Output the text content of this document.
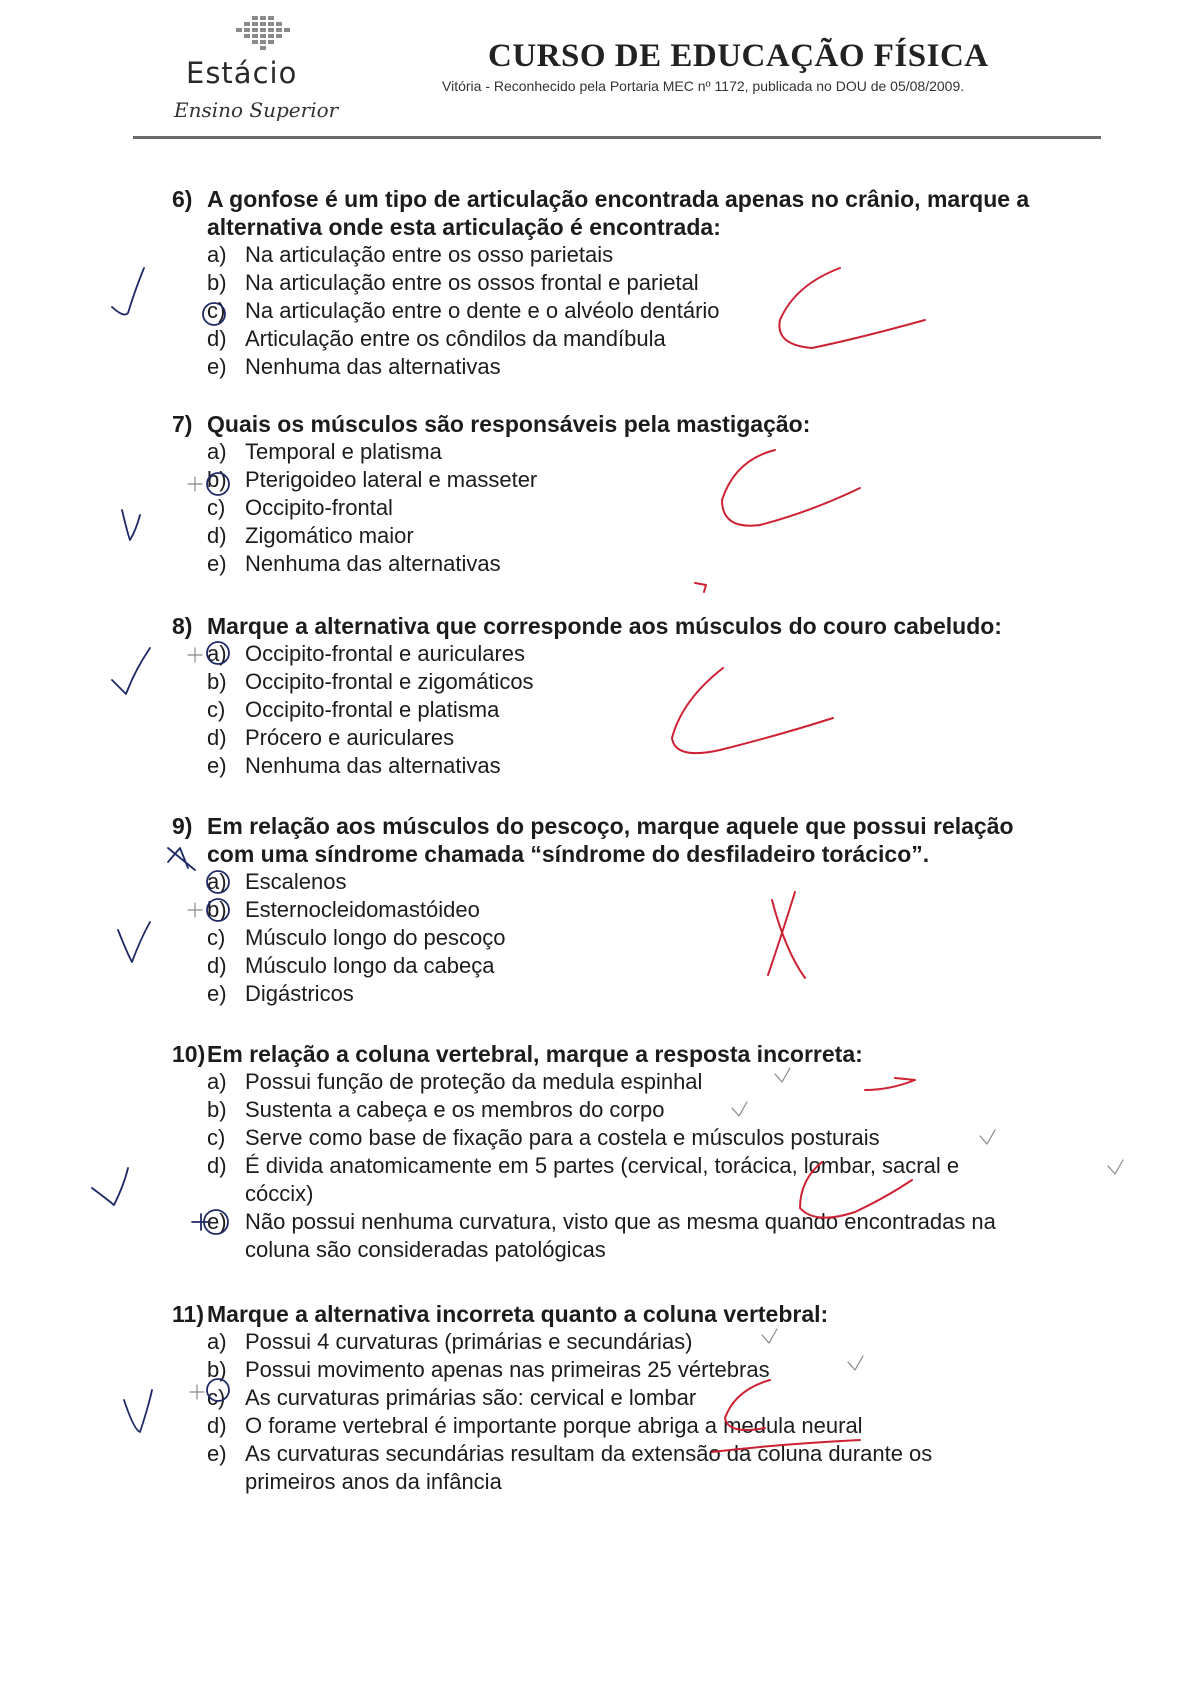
Estácio
Ensino Superior
CURSO DE EDUCAÇÃO FÍSICA
Vitória - Reconhecido pela Portaria MEC nº 1172, publicada no DOU de 05/08/2009.
6) A gonfose é um tipo de articulação encontrada apenas no crânio, marque a
alternativa onde esta articulação é encontrada:
a) Na articulação entre os osso parietais
b) Na articulação entre os ossos frontal e parietal
c) Na articulação entre o dente e o alvéolo dentário
d) Articulação entre os côndilos da mandíbula
e) Nenhuma das alternativas
7) Quais os músculos são responsáveis pela mastigação:
a) Temporal e platisma
b) Pterigoideo lateral e masseter
c) Occipito-frontal
d) Zigomático maior
e) Nenhuma das alternativas
8) Marque a alternativa que corresponde aos músculos do couro cabeludo:
a) Occipito-frontal e auriculares
b) Occipito-frontal e zigomáticos
c) Occipito-frontal e platisma
d) Prócero e auriculares
e) Nenhuma das alternativas
9) Em relação aos músculos do pescoço, marque aquele que possui relação
com uma síndrome chamada “síndrome do desfiladeiro torácico”.
a) Escalenos
b) Esternocleidomastóideo
c) Músculo longo do pescoço
d) Músculo longo da cabeça
e) Digástricos
10)Em relação a coluna vertebral, marque a resposta incorreta:
a) Possui função de proteção da medula espinhal
b) Sustenta a cabeça e os membros do corpo
c) Serve como base de fixação para a costela e músculos posturais
d) É divida anatomicamente em 5 partes (cervical, torácica, lombar, sacral e
cóccix)
e) Não possui nenhuma curvatura, visto que as mesma quando encontradas na
coluna são consideradas patológicas
11) Marque a alternativa incorreta quanto a coluna vertebral:
a) Possui 4 curvaturas (primárias e secundárias)
b) Possui movimento apenas nas primeiras 25 vértebras
c) As curvaturas primárias são: cervical e lombar
d) O forame vertebral é importante porque abriga a medula neural
e) As curvaturas secundárias resultam da extensão da coluna durante os
primeiros anos da infância
